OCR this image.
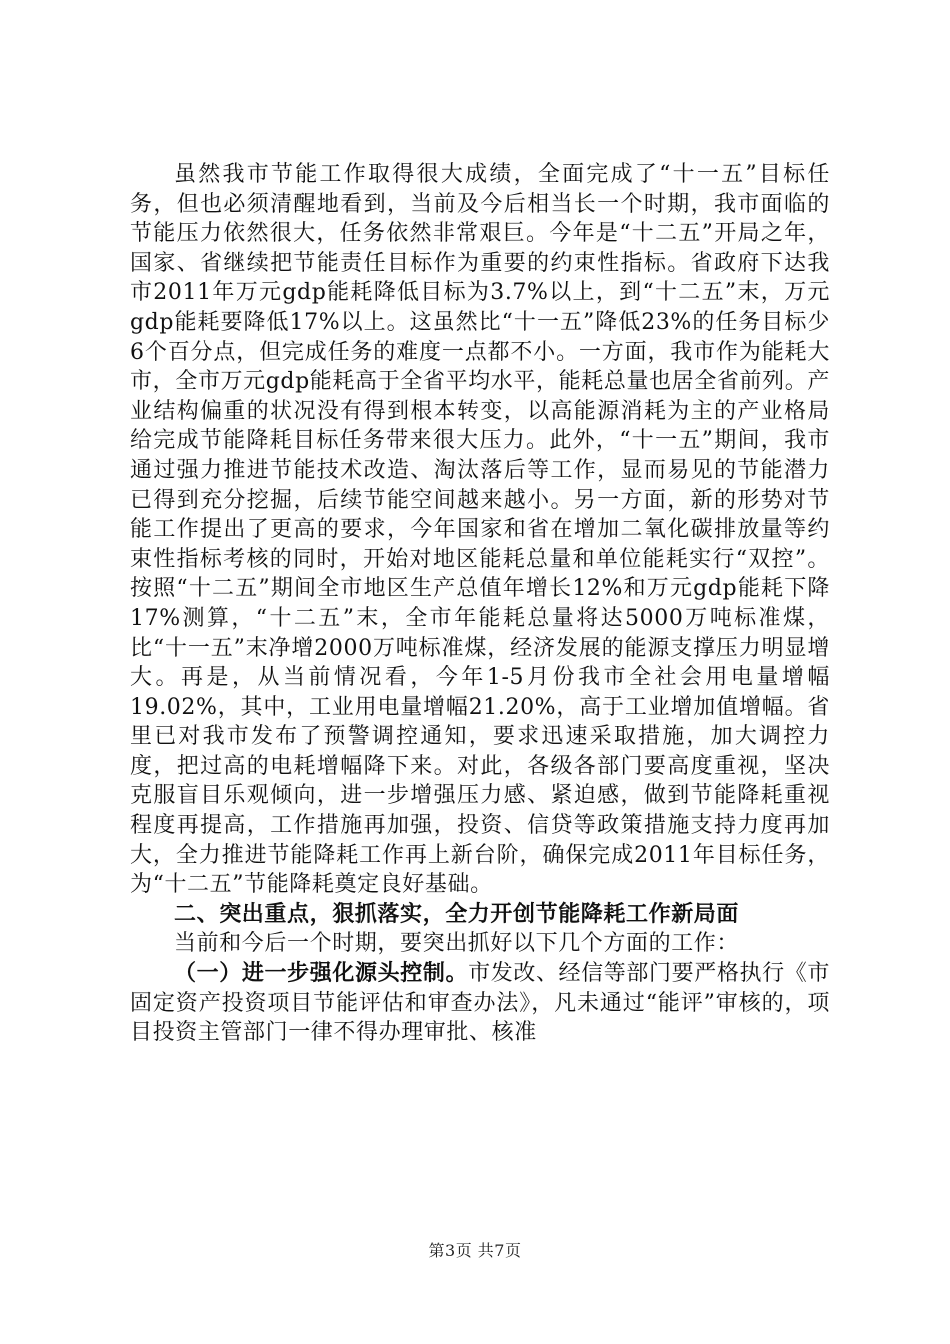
虽然我市节能工作取得很大成绩，全面完成了“十一五”目标任务，但也必须清醒地看到，当前及今后相当长一个时期，我市面临的节能压力依然很大，任务依然非常艰巨。今年是“十二五”开局之年，国家、省继续把节能责任目标作为重要的约束性指标。省政府下达我市2011年万元gdp能耗降低目标为3.7%以上，到“十二五”末，万元gdp能耗要降低17%以上。这虽然比“十一五”降低23%的任务目标少6个百分点，但完成任务的难度一点都不小。一方面，我市作为能耗大市，全市万元gdp能耗高于全省平均水平，能耗总量也居全省前列。产业结构偏重的状况没有得到根本转变，以高能源消耗为主的产业格局给完成节能降耗目标任务带来很大压力。此外，“十一五”期间，我市通过强力推进节能技术改造、淘汰落后等工作，显而易见的节能潜力已得到充分挖掘，后续节能空间越来越小。另一方面，新的形势对节能工作提出了更高的要求，今年国家和省在增加二氧化碳排放量等约束性指标考核的同时，开始对地区能耗总量和单位能耗实行“双控”。按照“十二五”期间全市地区生产总值年增长12%和万元gdp能耗下降17%测算，“十二五”末，全市年能耗总量将达5000万吨标准煤，比“十一五”末净增2000万吨标准煤，经济发展的能源支撑压力明显增大。再是，从当前情况看，今年1-5月份我市全社会用电量增幅19.02%，其中，工业用电量增幅21.20%，高于工业增加值增幅。省里已对我市发布了预警调控通知，要求迅速采取措施，加大调控力度，把过高的电耗增幅降下来。对此，各级各部门要高度重视，坚决克服盲目乐观倾向，进一步增强压力感、紧迫感，做到节能降耗重视程度再提高，工作措施再加强，投资、信贷等政策措施支持力度再加大，全力推进节能降耗工作再上新台阶，确保完成2011年目标任务，为“十二五”节能降耗奠定良好基础。

二、突出重点，狠抓落实，全力开创节能降耗工作新局面

当前和今后一个时期，要突出抓好以下几个方面的工作：

（一）进一步强化源头控制。市发改、经信等部门要严格执行《市固定资产投资项目节能评估和审查办法》，凡未通过“能评”审核的，项目投资主管部门一律不得办理审批、核准

第3页 共7页
